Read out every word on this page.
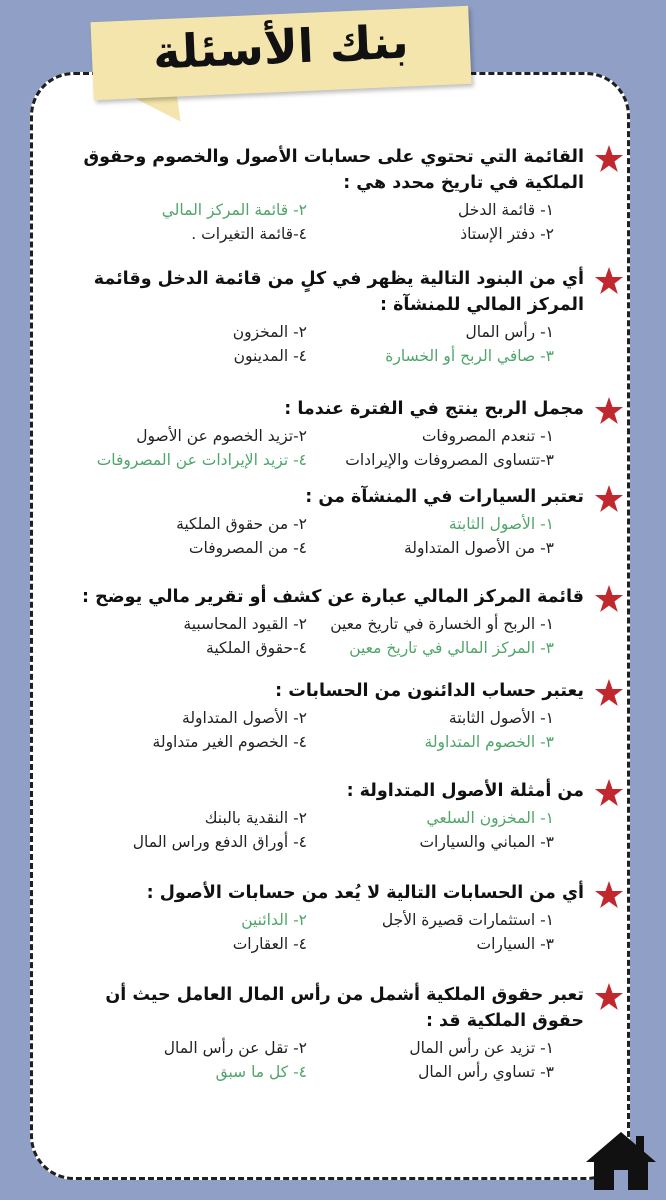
بنك الأسئلة
القائمة التي تحتوي على حسابات الأصول والخصوم وحقوق الملكية في تاريخ محدد هي :
١- قائمة الدخل
٢- قائمة المركز المالي
٢- دفتر الإستاذ
٤-قائمة التغيرات .
أي من البنود التالية يظهر في كلٍ من قائمة الدخل وقائمة المركز المالي للمنشآة :
١- رأس المال
٢- المخزون
٣- صافي الربح أو الخسارة
٤- المدينون
مجمل الربح ينتج في الفترة عندما :
١- تنعدم المصروفات
٢-تزيد الخصوم عن الأصول
٣-تتساوى المصروفات والإيرادات
٤- تزيد الإيرادات عن المصروفات
تعتبر السيارات في المنشآة من :
١- الأصول الثابتة
٢- من حقوق الملكية
٣- من الأصول المتداولة
٤- من المصروفات
قائمة المركز المالي عبارة عن كشف أو تقرير مالي يوضح :
١- الربح أو الخسارة في تاريخ معين
٢- القيود المحاسبية
٣- المركز المالي في تاريخ معين
٤-حقوق الملكية
يعتبر حساب الدائنون من الحسابات :
١- الأصول الثابتة
٢- الأصول المتداولة
٣- الخصوم المتداولة
٤- الخصوم الغير متداولة
من أمثلة الأصول المتداولة :
١- المخزون السلعي
٢- النقدية بالبنك
٣- المباني والسيارات
٤- أوراق الدفع وراس المال
أي من الحسابات التالية لا يُعد من حسابات الأصول :
١- استثمارات قصيرة الأجل
٢- الدائنين
٣- السيارات
٤- العقارات
تعبر حقوق الملكية أشمل من رأس المال العامل حيث أن حقوق الملكية قد :
١- تزيد عن رأس المال
٢- تقل عن رأس المال
٣- تساوي رأس المال
٤- كل ما سبق
